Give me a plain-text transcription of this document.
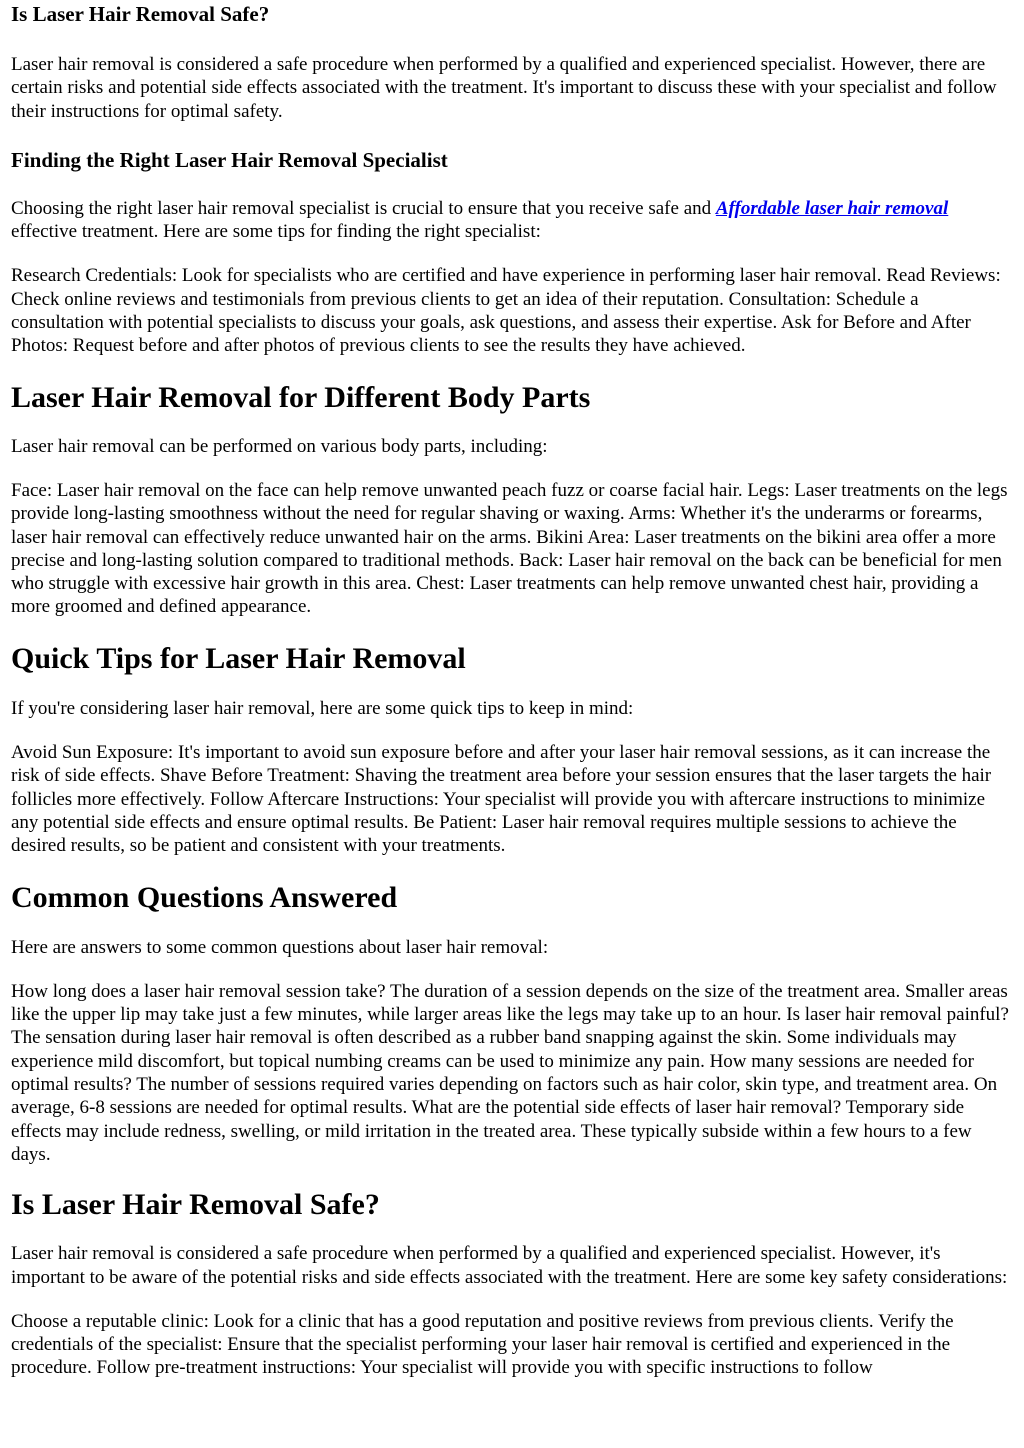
Is Laser Hair Removal Safe?

Laser hair removal is considered a safe procedure when performed by a qualified and experienced specialist. However, there are certain risks and potential side effects associated with the treatment. It's important to discuss these with your specialist and follow their instructions for optimal safety.

Finding the Right Laser Hair Removal Specialist

Choosing the right laser hair removal specialist is crucial to ensure that you receive safe and Affordable laser hair removal effective treatment. Here are some tips for finding the right specialist:

Research Credentials: Look for specialists who are certified and have experience in performing laser hair removal. Read Reviews: Check online reviews and testimonials from previous clients to get an idea of their reputation. Consultation: Schedule a consultation with potential specialists to discuss your goals, ask questions, and assess their expertise. Ask for Before and After Photos: Request before and after photos of previous clients to see the results they have achieved.

Laser Hair Removal for Different Body Parts

Laser hair removal can be performed on various body parts, including:

Face: Laser hair removal on the face can help remove unwanted peach fuzz or coarse facial hair. Legs: Laser treatments on the legs provide long-lasting smoothness without the need for regular shaving or waxing. Arms: Whether it's the underarms or forearms, laser hair removal can effectively reduce unwanted hair on the arms. Bikini Area: Laser treatments on the bikini area offer a more precise and long-lasting solution compared to traditional methods. Back: Laser hair removal on the back can be beneficial for men who struggle with excessive hair growth in this area. Chest: Laser treatments can help remove unwanted chest hair, providing a more groomed and defined appearance.

Quick Tips for Laser Hair Removal

If you're considering laser hair removal, here are some quick tips to keep in mind:

Avoid Sun Exposure: It's important to avoid sun exposure before and after your laser hair removal sessions, as it can increase the risk of side effects. Shave Before Treatment: Shaving the treatment area before your session ensures that the laser targets the hair follicles more effectively. Follow Aftercare Instructions: Your specialist will provide you with aftercare instructions to minimize any potential side effects and ensure optimal results. Be Patient: Laser hair removal requires multiple sessions to achieve the desired results, so be patient and consistent with your treatments.

Common Questions Answered

Here are answers to some common questions about laser hair removal:

How long does a laser hair removal session take? The duration of a session depends on the size of the treatment area. Smaller areas like the upper lip may take just a few minutes, while larger areas like the legs may take up to an hour. Is laser hair removal painful? The sensation during laser hair removal is often described as a rubber band snapping against the skin. Some individuals may experience mild discomfort, but topical numbing creams can be used to minimize any pain. How many sessions are needed for optimal results? The number of sessions required varies depending on factors such as hair color, skin type, and treatment area. On average, 6-8 sessions are needed for optimal results. What are the potential side effects of laser hair removal? Temporary side effects may include redness, swelling, or mild irritation in the treated area. These typically subside within a few hours to a few days.

Is Laser Hair Removal Safe?

Laser hair removal is considered a safe procedure when performed by a qualified and experienced specialist. However, it's important to be aware of the potential risks and side effects associated with the treatment. Here are some key safety considerations:

Choose a reputable clinic: Look for a clinic that has a good reputation and positive reviews from previous clients. Verify the credentials of the specialist: Ensure that the specialist performing your laser hair removal is certified and experienced in the procedure. Follow pre-treatment instructions: Your specialist will provide you with specific instructions to follow
